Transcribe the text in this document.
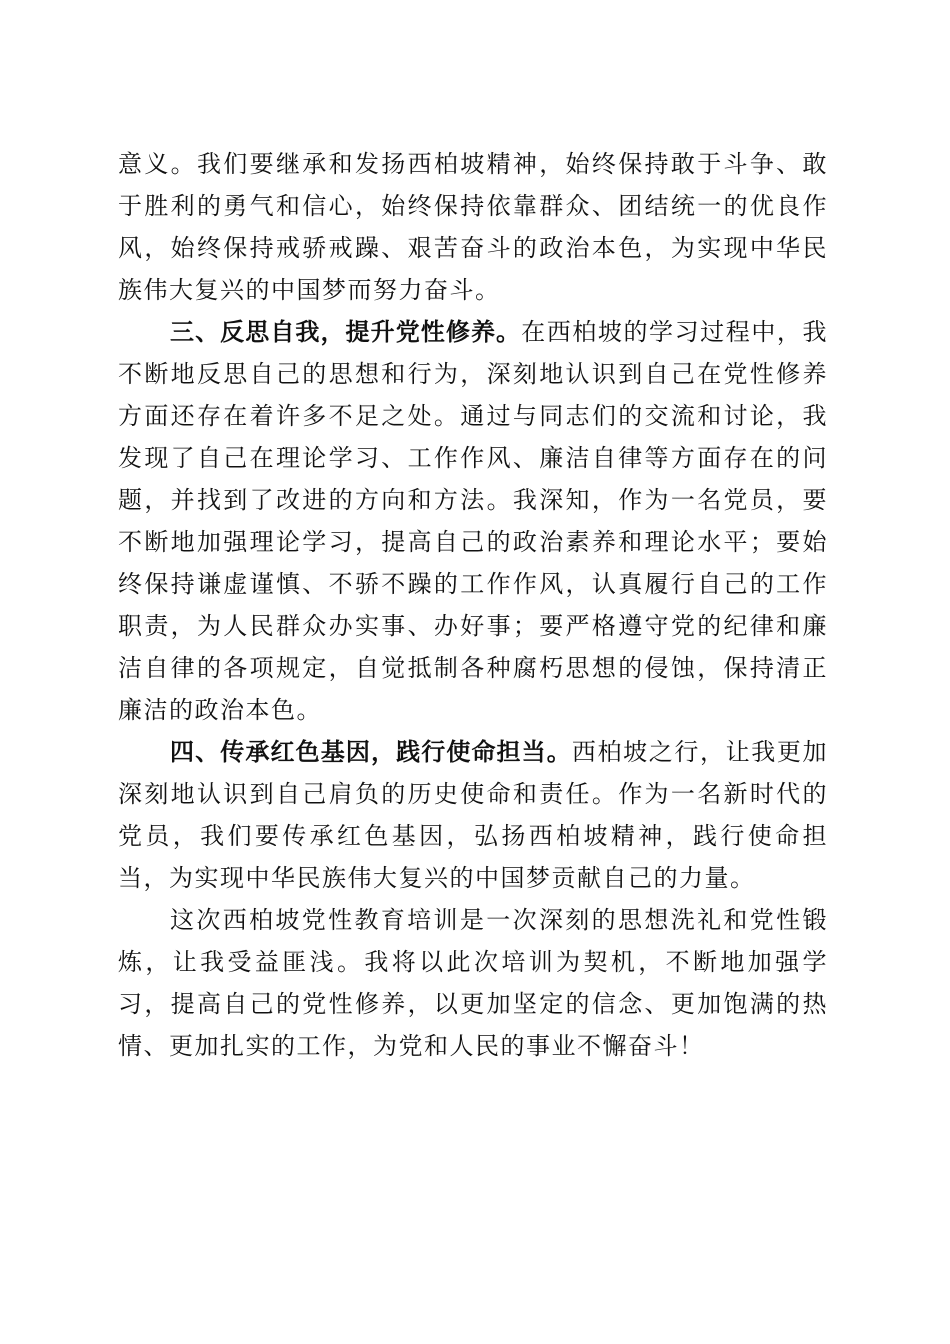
意义。我们要继承和发扬西柏坡精神，始终保持敢于斗争、敢于胜利的勇气和信心，始终保持依靠群众、团结统一的优良作风，始终保持戒骄戒躁、艰苦奋斗的政治本色，为实现中华民族伟大复兴的中国梦而努力奋斗。

三、反思自我，提升党性修养。在西柏坡的学习过程中，我不断地反思自己的思想和行为，深刻地认识到自己在党性修养方面还存在着许多不足之处。通过与同志们的交流和讨论，我发现了自己在理论学习、工作作风、廉洁自律等方面存在的问题，并找到了改进的方向和方法。我深知，作为一名党员，要不断地加强理论学习，提高自己的政治素养和理论水平；要始终保持谦虚谨慎、不骄不躁的工作作风，认真履行自己的工作职责，为人民群众办实事、办好事；要严格遵守党的纪律和廉洁自律的各项规定，自觉抵制各种腐朽思想的侵蚀，保持清正廉洁的政治本色。

四、传承红色基因，践行使命担当。西柏坡之行，让我更加深刻地认识到自己肩负的历史使命和责任。作为一名新时代的党员，我们要传承红色基因，弘扬西柏坡精神，践行使命担当，为实现中华民族伟大复兴的中国梦贡献自己的力量。

这次西柏坡党性教育培训是一次深刻的思想洗礼和党性锻炼，让我受益匪浅。我将以此次培训为契机，不断地加强学习，提高自己的党性修养，以更加坚定的信念、更加饱满的热情、更加扎实的工作，为党和人民的事业不懈奋斗！
